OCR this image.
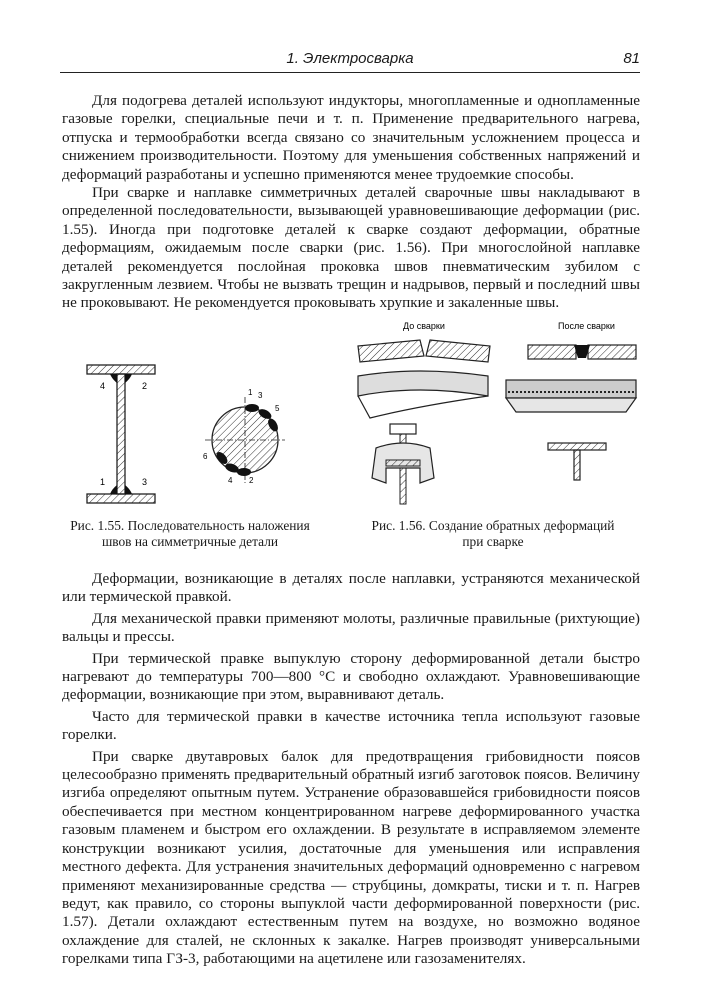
1. Электросварка	81

Для подогрева деталей используют индукторы, многопламенные и однопламенные газовые горелки, специальные печи и т. п. Применение предварительного нагрева, отпуска и термообработки всегда связано со значительным усложнением процесса и снижением производительности. Поэтому для уменьшения собственных напряжений и деформаций разработаны и успешно применяются менее трудоемкие способы.

При сварке и наплавке симметричных деталей сварочные швы накладывают в определенной последовательности, вызывающей уравновешивающие деформации (рис. 1.55). Иногда при подготовке деталей к сварке создают деформации, обратные деформациям, ожидаемым после сварки (рис. 1.56). При многослойной наплавке деталей рекомендуется послойная проковка швов пневматическим зубилом с закругленным лезвием. Чтобы не вызвать трещин и надрывов, первый и последний швы не проковывают. Не рекомендуется проковывать хрупкие и закаленные швы.

4	2
1	3
1 3
5
6
4 2
Рис. 1.55. Последовательность наложения
швов на симметричные детали
До сварки	После сварки
Рис. 1.56. Создание обратных деформаций
при сварке

Деформации, возникающие в деталях после наплавки, устраняются механической или термической правкой.

Для механической правки применяют молоты, различные правильные (рихтующие) вальцы и прессы.

При термической правке выпуклую сторону деформированной детали быстро нагревают до температуры 700—800 °С и свободно охлаждают. Уравновешивающие деформации, возникающие при этом, выравнивают деталь.

Часто для термической правки в качестве источника тепла используют газовые горелки.

При сварке двутавровых балок для предотвращения грибовидности поясов целесообразно применять предварительный обратный изгиб заготовок поясов. Величину изгиба определяют опытным путем. Устранение образовавшейся грибовидности поясов обеспечивается при местном концентрированном нагреве деформированного участка газовым пламенем и быстром его охлаждении. В результате в исправляемом элементе конструкции возникают усилия, достаточные для уменьшения или исправления местного дефекта. Для устранения значительных деформаций одновременно с нагревом применяют механизированные средства — струбцины, домкраты, тиски и т. п. Нагрев ведут, как правило, со стороны выпуклой части деформированной поверхности (рис. 1.57). Детали охлаждают естественным путем на воздухе, но возможно водяное охлаждение для сталей, не склонных к закалке. Нагрев производят универсальными горелками типа ГЗ-3, работающими на ацетилене или газозаменителях.
